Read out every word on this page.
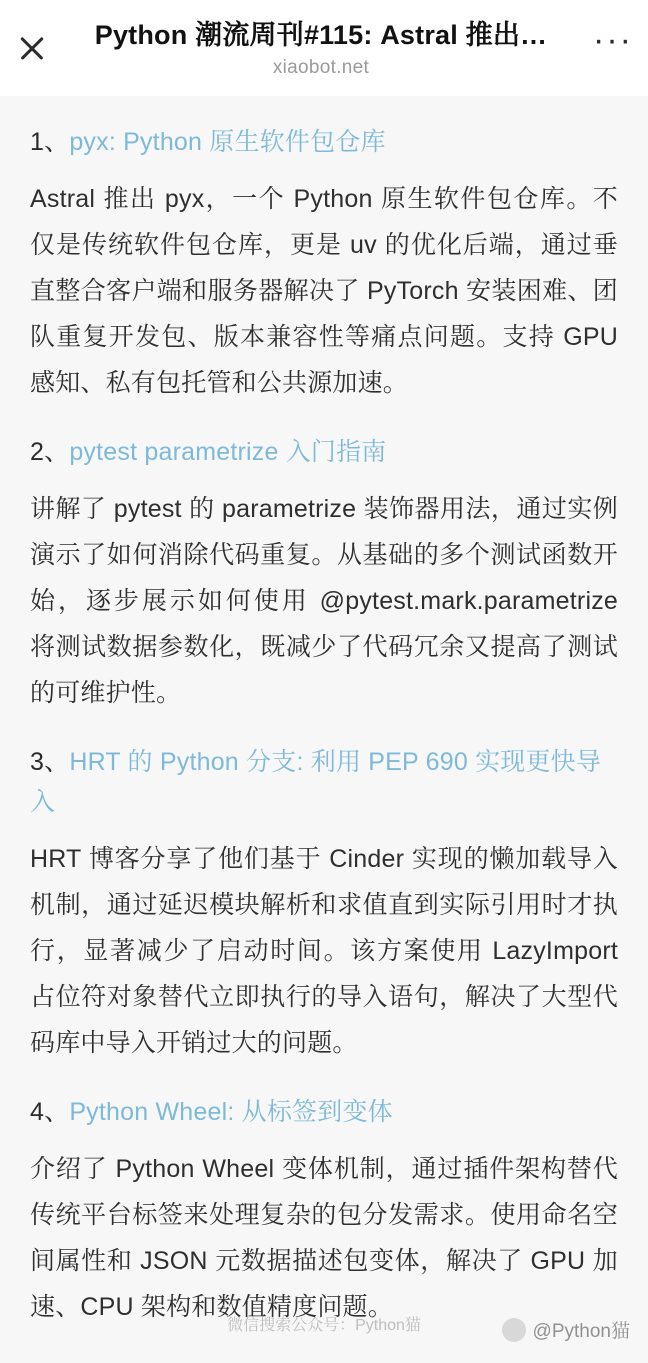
Python 潮流周刊#115: Astral 推出…
xiaobot.net
···
1、pyx: Python 原生软件包仓库

Astral 推出 pyx，一个 Python 原生软件包仓库。不仅是传统软件包仓库，更是 uv 的优化后端，通过垂直整合客户端和服务器解决了 PyTorch 安装困难、团队重复开发包、版本兼容性等痛点问题。支持 GPU 感知、私有包托管和公共源加速。

2、pytest parametrize 入门指南

讲解了 pytest 的 parametrize 装饰器用法，通过实例演示了如何消除代码重复。从基础的多个测试函数开始，逐步展示如何使用 @pytest.mark.parametrize 将测试数据参数化，既减少了代码冗余又提高了测试的可维护性。

3、HRT 的 Python 分支: 利用 PEP 690 实现更快导入

HRT 博客分享了他们基于 Cinder 实现的懒加载导入机制，通过延迟模块解析和求值直到实际引用时才执行，显著减少了启动时间。该方案使用 LazyImport 占位符对象替代立即执行的导入语句，解决了大型代码库中导入开销过大的问题。

4、Python Wheel: 从标签到变体

介绍了 Python Wheel 变体机制，通过插件架构替代传统平台标签来处理复杂的包分发需求。使用命名空间属性和 JSON 元数据描述包变体，解决了 GPU 加速、CPU 架构和数值精度问题。

微信搜索公众号：Python猫	@Python猫
